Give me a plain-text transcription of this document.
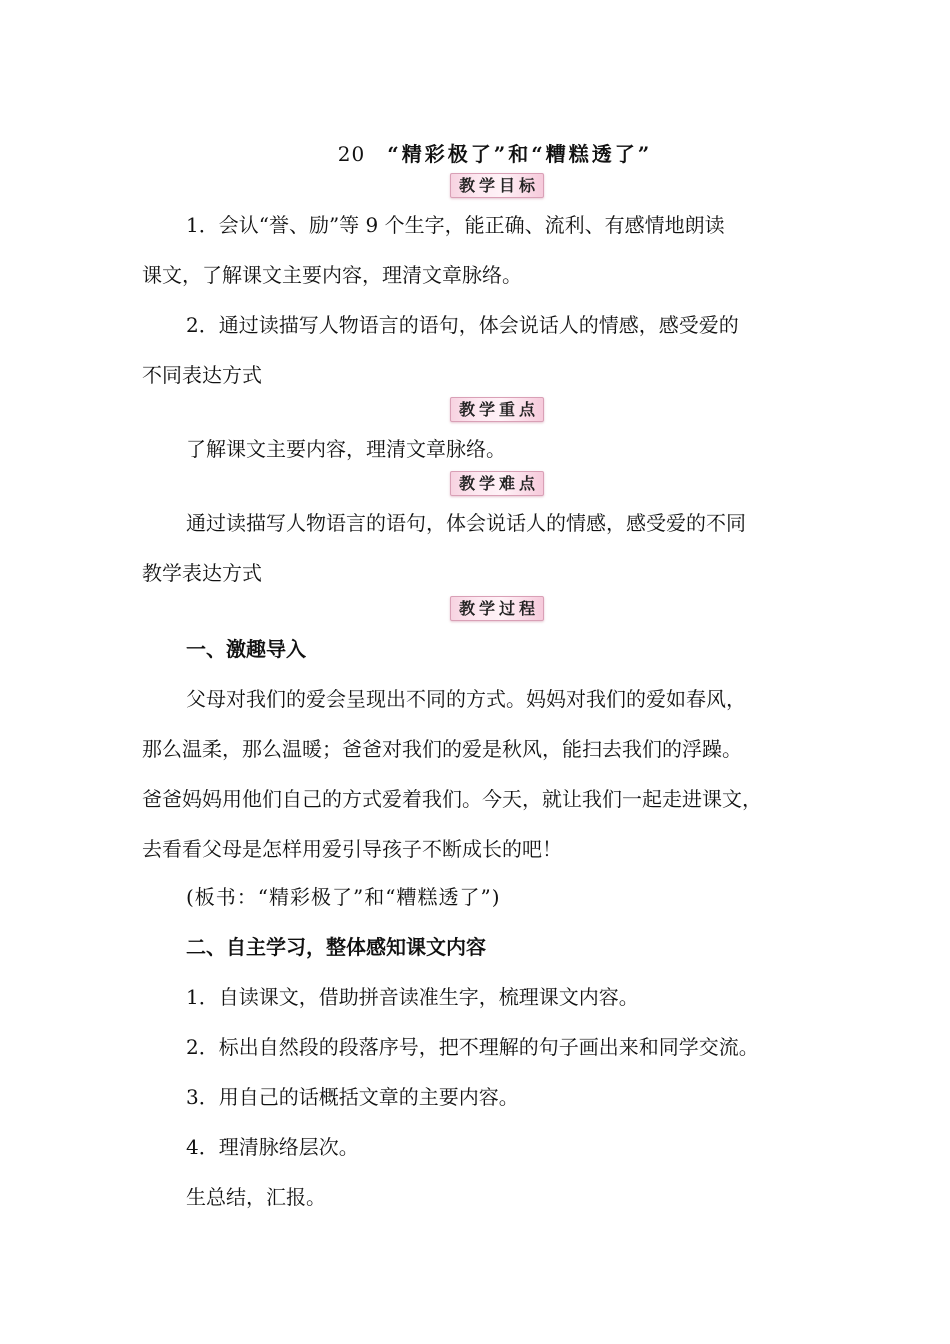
20 “精彩极了”和“糟糕透了”
教学目标
1．会认“誉、励”等 9 个生字，能正确、流利、有感情地朗读
课文，了解课文主要内容，理清文章脉络。
2．通过读描写人物语言的语句，体会说话人的情感，感受爱的
不同表达方式
教学重点
了解课文主要内容，理清文章脉络。
教学难点
通过读描写人物语言的语句，体会说话人的情感，感受爱的不同
教学表达方式
教学过程
一、激趣导入
父母对我们的爱会呈现出不同的方式。妈妈对我们的爱如春风，
那么温柔，那么温暖；爸爸对我们的爱是秋风，能扫去我们的浮躁。
爸爸妈妈用他们自己的方式爱着我们。今天，就让我们一起走进课文，
去看看父母是怎样用爱引导孩子不断成长的吧！
(板书：“精彩极了”和“糟糕透了”)
二、自主学习，整体感知课文内容
1．自读课文，借助拼音读准生字，梳理课文内容。
2．标出自然段的段落序号，把不理解的句子画出来和同学交流。
3．用自己的话概括文章的主要内容。
4．理清脉络层次。
生总结，汇报。
